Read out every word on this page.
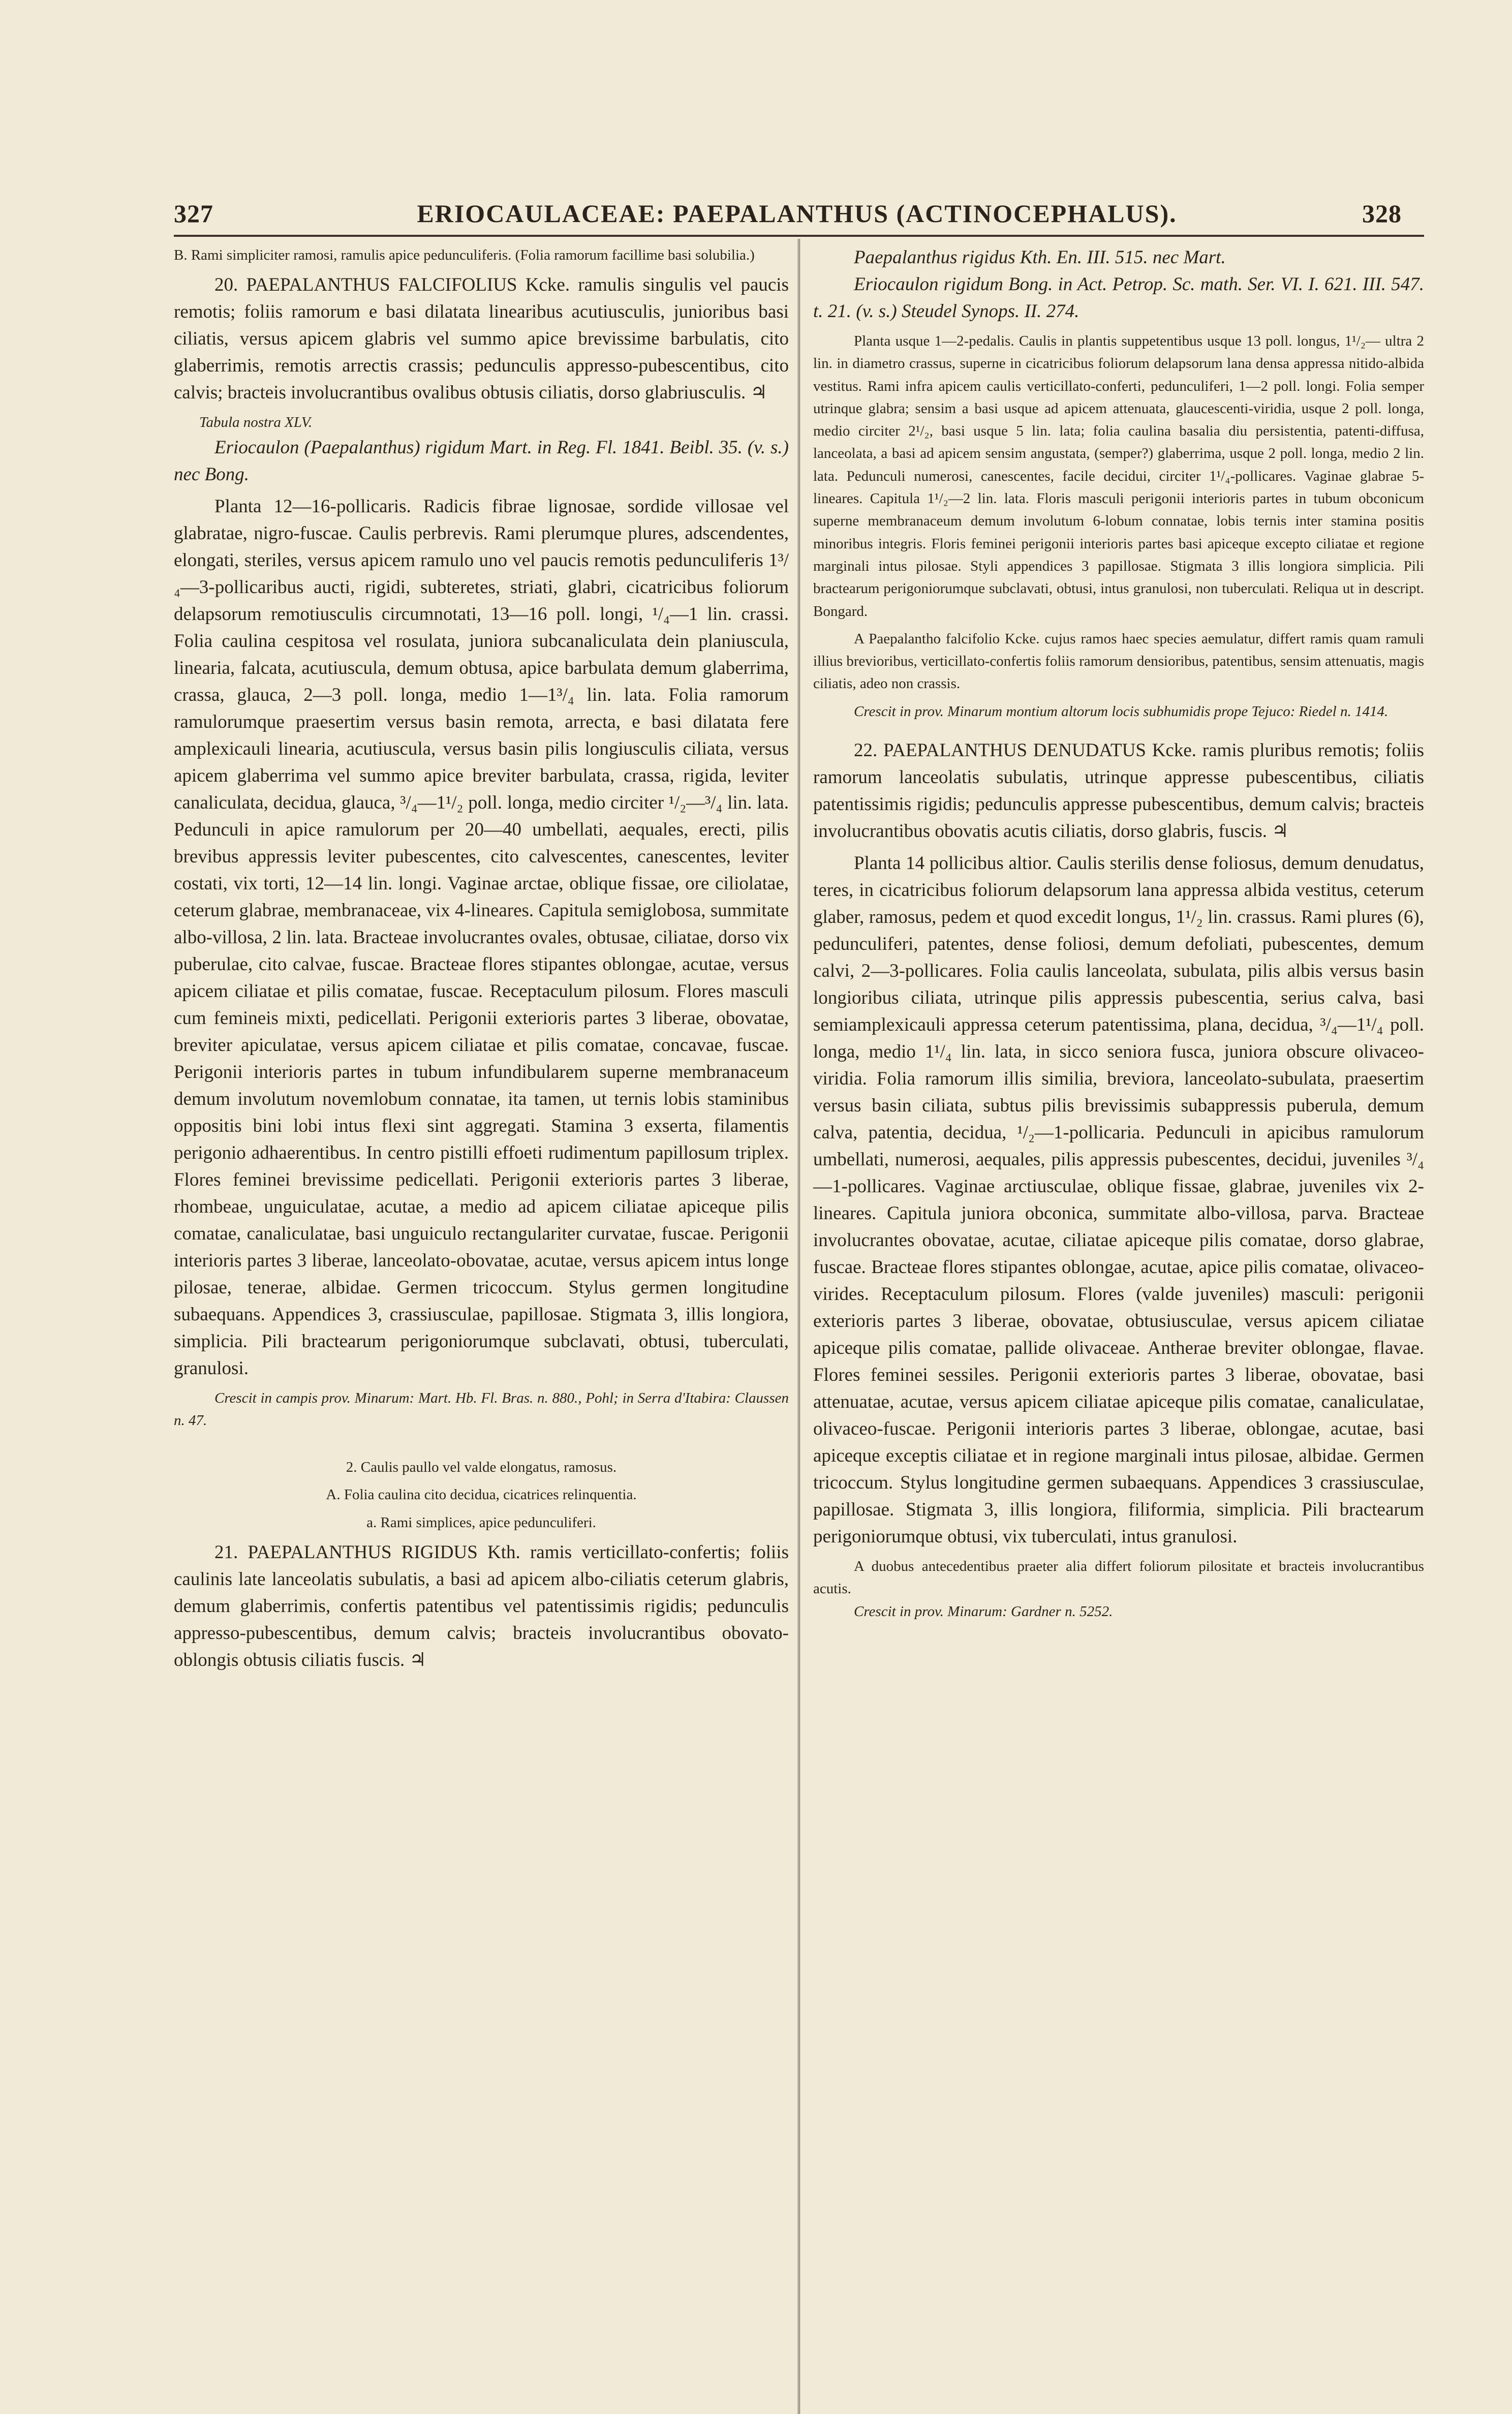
327	ERIOCAULACEAE: PAEPALANTHUS (ACTINOCEPHALUS).	328

B. Rami simpliciter ramosi, ramulis apice pedunculiferis. (Folia ramorum facillime basi solubilia.)

20. PAEPALANTHUS FALCIFOLIUS Kcke. ramulis singulis vel paucis remotis; foliis ramorum e basi dilatata linearibus acutiusculis, junioribus basi ciliatis, versus apicem glabris vel summo apice brevissime barbulatis, cito glaberrimis, remotis arrectis crassis; pedunculis appresso-pubescentibus, cito calvis; bracteis involucrantibus ovalibus obtusis ciliatis, dorso glabriusculis. ♃

Tabula nostra XLV.

Eriocaulon (Paepalanthus) rigidum Mart. in Reg. Fl. 1841. Beibl. 35. (v. s.) nec Bong.

Planta 12—16-pollicaris. Radicis fibrae lignosae, sordide villosae vel glabratae, nigro-fuscae. Caulis perbrevis. Rami plerumque plures, adscendentes, elongati, steriles, versus apicem ramulo uno vel paucis remotis pedunculiferis 1³/₄—3-pollicaribus aucti, rigidi, subteretes, striati, glabri, cicatricibus foliorum delapsorum remotiusculis circumnotati, 13—16 poll. longi, ¹/₄—1 lin. crassi. Folia caulina cespitosa vel rosulata, juniora subcanaliculata dein planiuscula, linearia, falcata, acutiuscula, demum obtusa, apice barbulata demum glaberrima, crassa, glauca, 2—3 poll. longa, medio 1—1³/₄ lin. lata. Folia ramorum ramulorumque praesertim versus basin remota, arrecta, e basi dilatata fere amplexicauli linearia, acutiuscula, versus basin pilis longiusculis ciliata, versus apicem glaberrima vel summo apice breviter barbulata, crassa, rigida, leviter canaliculata, decidua, glauca, ³/₄—1¹/₂ poll. longa, medio circiter ¹/₂—³/₄ lin. lata. Pedunculi in apice ramulorum per 20—40 umbellati, aequales, erecti, pilis brevibus appressis leviter pubescentes, cito calvescentes, canescentes, leviter costati, vix torti, 12—14 lin. longi. Vaginae arctae, oblique fissae, ore ciliolatae, ceterum glabrae, membranaceae, vix 4-lineares. Capitula semiglobosa, summitate albo-villosa, 2 lin. lata. Bracteae involucrantes ovales, obtusae, ciliatae, dorso vix puberulae, cito calvae, fuscae. Bracteae flores stipantes oblongae, acutae, versus apicem ciliatae et pilis comatae, fuscae. Receptaculum pilosum. Flores masculi cum femineis mixti, pedicellati. Perigonii exterioris partes 3 liberae, obovatae, breviter apiculatae, versus apicem ciliatae et pilis comatae, concavae, fuscae. Perigonii interioris partes in tubum infundibularem superne membranaceum demum involutum novemlobum connatae, ita tamen, ut ternis lobis staminibus oppositis bini lobi intus flexi sint aggregati. Stamina 3 exserta, filamentis perigonio adhaerentibus. In centro pistilli effoeti rudimentum papillosum triplex. Flores feminei brevissime pedicellati. Perigonii exterioris partes 3 liberae, rhombeae, unguiculatae, acutae, a medio ad apicem ciliatae apiceque pilis comatae, canaliculatae, basi unguiculo rectangulariter curvatae, fuscae. Perigonii interioris partes 3 liberae, lanceolato-obovatae, acutae, versus apicem intus longe pilosae, tenerae, albidae. Germen tricoccum. Stylus germen longitudine subaequans. Appendices 3, crassiusculae, papillosae. Stigmata 3, illis longiora, simplicia. Pili bractearum perigoniorumque subclavati, obtusi, tuberculati, granulosi.

Crescit in campis prov. Minarum: Mart. Hb. Fl. Bras. n. 880., Pohl; in Serra d'Itabira: Claussen n. 47.

2. Caulis paullo vel valde elongatus, ramosus.

A. Folia caulina cito decidua, cicatrices relinquentia.

a. Rami simplices, apice pedunculiferi.

21. PAEPALANTHUS RIGIDUS Kth. ramis verticillato-confertis; foliis caulinis late lanceolatis subulatis, a basi ad apicem albo-ciliatis ceterum glabris, demum glaberrimis, confertis patentibus vel patentissimis rigidis; pedunculis appresso-pubescentibus, demum calvis; bracteis involucrantibus obovato-oblongis obtusis ciliatis fuscis. ♃

Paepalanthus rigidus Kth. En. III. 515. nec Mart.

Eriocaulon rigidum Bong. in Act. Petrop. Sc. math. Ser. VI. I. 621. III. 547. t. 21. (v. s.) Steudel Synops. II. 274.

Planta usque 1—2-pedalis. Caulis in plantis suppetentibus usque 13 poll. longus, 1¹/₂— ultra 2 lin. in diametro crassus, superne in cicatricibus foliorum delapsorum lana densa appressa nitido-albida vestitus. Rami infra apicem caulis verticillato-conferti, pedunculiferi, 1—2 poll. longi. Folia semper utrinque glabra; sensim a basi usque ad apicem attenuata, glaucescenti-viridia, usque 2 poll. longa, medio circiter 2¹/₂, basi usque 5 lin. lata; folia caulina basalia diu persistentia, patenti-diffusa, lanceolata, a basi ad apicem sensim angustata, (semper?) glaberrima, usque 2 poll. longa, medio 2 lin. lata. Pedunculi numerosi, canescentes, facile decidui, circiter 1¹/₄-pollicares. Vaginae glabrae 5-lineares. Capitula 1¹/₂—2 lin. lata. Floris masculi perigonii interioris partes in tubum obconicum superne membranaceum demum involutum 6-lobum connatae, lobis ternis inter stamina positis minoribus integris. Floris feminei perigonii interioris partes basi apiceque excepto ciliatae et regione marginali intus pilosae. Styli appendices 3 papillosae. Stigmata 3 illis longiora simplicia. Pili bractearum perigoniorumque subclavati, obtusi, intus granulosi, non tuberculati. Reliqua ut in descript. Bongard.

A Paepalantho falcifolio Kcke. cujus ramos haec species aemulatur, differt ramis quam ramuli illius brevioribus, verticillato-confertis foliis ramorum densioribus, patentibus, sensim attenuatis, magis ciliatis, adeo non crassis.

Crescit in prov. Minarum montium altorum locis subhumidis prope Tejuco: Riedel n. 1414.

22. PAEPALANTHUS DENUDATUS Kcke. ramis pluribus remotis; foliis ramorum lanceolatis subulatis, utrinque appresse pubescentibus, ciliatis patentissimis rigidis; pedunculis appresse pubescentibus, demum calvis; bracteis involucrantibus obovatis acutis ciliatis, dorso glabris, fuscis. ♃

Planta 14 pollicibus altior. Caulis sterilis dense foliosus, demum denudatus, teres, in cicatricibus foliorum delapsorum lana appressa albida vestitus, ceterum glaber, ramosus, pedem et quod excedit longus, 1¹/₂ lin. crassus. Rami plures (6), pedunculiferi, patentes, dense foliosi, demum defoliati, pubescentes, demum calvi, 2—3-pollicares. Folia caulis lanceolata, subulata, pilis albis versus basin longioribus ciliata, utrinque pilis appressis pubescentia, serius calva, basi semiamplexicauli appressa ceterum patentissima, plana, decidua, ³/₄—1¹/₄ poll. longa, medio 1¹/₄ lin. lata, in sicco seniora fusca, juniora obscure olivaceo-viridia. Folia ramorum illis similia, breviora, lanceolato-subulata, praesertim versus basin ciliata, subtus pilis brevissimis subappressis puberula, demum calva, patentia, decidua, ¹/₂—1-pollicaria. Pedunculi in apicibus ramulorum umbellati, numerosi, aequales, pilis appressis pubescentes, decidui, juveniles ³/₄—1-pollicares. Vaginae arctiusculae, oblique fissae, glabrae, juveniles vix 2-lineares. Capitula juniora obconica, summitate albo-villosa, parva. Bracteae involucrantes obovatae, acutae, ciliatae apiceque pilis comatae, dorso glabrae, fuscae. Bracteae flores stipantes oblongae, acutae, apice pilis comatae, olivaceo-virides. Receptaculum pilosum. Flores (valde juveniles) masculi: perigonii exterioris partes 3 liberae, obovatae, obtusiusculae, versus apicem ciliatae apiceque pilis comatae, pallide olivaceae. Antherae breviter oblongae, flavae. Flores feminei sessiles. Perigonii exterioris partes 3 liberae, obovatae, basi attenuatae, acutae, versus apicem ciliatae apiceque pilis comatae, canaliculatae, olivaceo-fuscae. Perigonii interioris partes 3 liberae, oblongae, acutae, basi apiceque exceptis ciliatae et in regione marginali intus pilosae, albidae. Germen tricoccum. Stylus longitudine germen subaequans. Appendices 3 crassiusculae, papillosae. Stigmata 3, illis longiora, filiformia, simplicia. Pili bractearum perigoniorumque obtusi, vix tuberculati, intus granulosi.

A duobus antecedentibus praeter alia differt foliorum pilositate et bracteis involucrantibus acutis.

Crescit in prov. Minarum: Gardner n. 5252.
